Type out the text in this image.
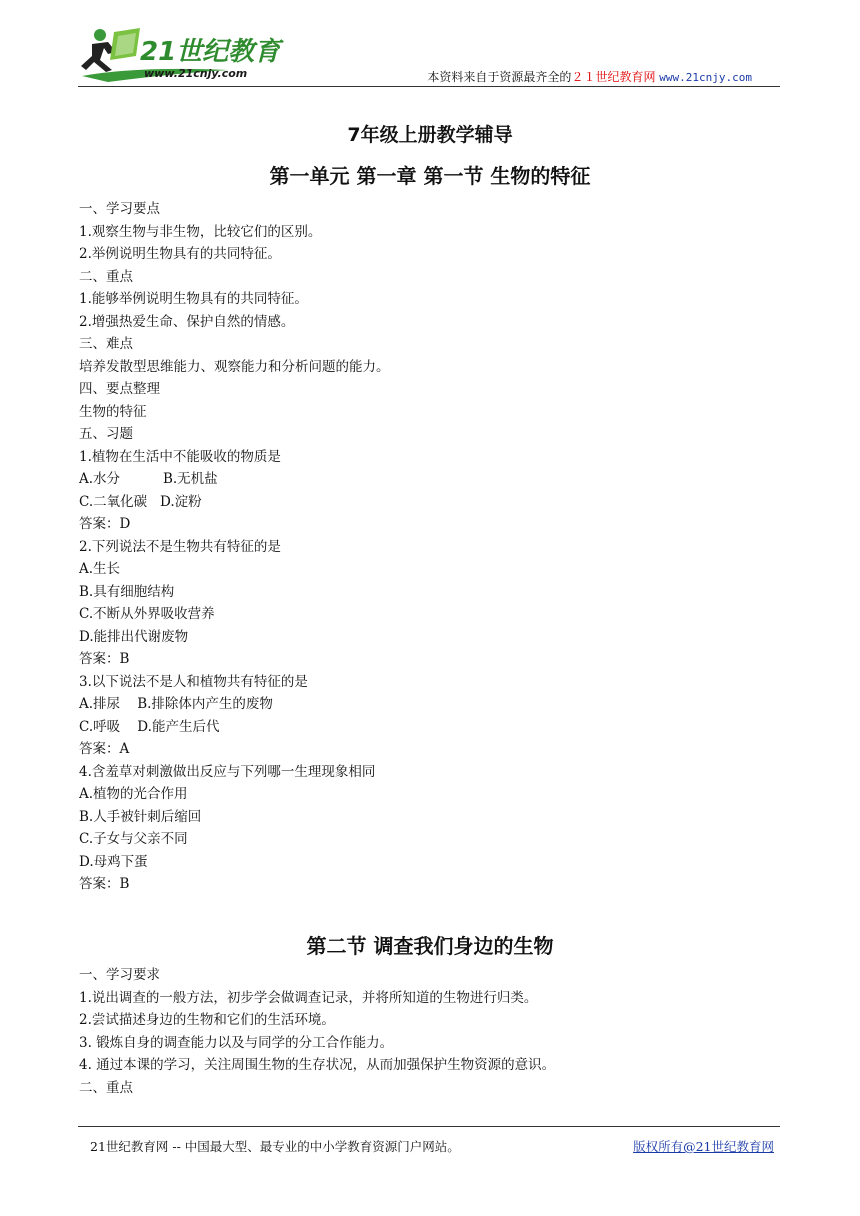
21世纪教育
www.21cnjy.com	本资料来自于资源最齐全的２１世纪教育网 www.21cnjy.com
7年级上册教学辅导
第一单元 第一章 第一节 生物的特征
一、学习要点
1.观察生物与非生物，比较它们的区别。
2.举例说明生物具有的共同特征。
二、重点
1.能够举例说明生物具有的共同特征。
2.增强热爱生命、保护自然的情感。
三、难点
培养发散型思维能力、观察能力和分析问题的能力。
四、要点整理
生物的特征
五、习题
1.植物在生活中不能吸收的物质是
A.水分          B.无机盐
C.二氧化碳   D.淀粉
答案：D
2.下列说法不是生物共有特征的是
A.生长
B.具有细胞结构
C.不断从外界吸收营养
D.能排出代谢废物
答案：B
3.以下说法不是人和植物共有特征的是
A.排尿    B.排除体内产生的废物
C.呼吸    D.能产生后代
答案：A
4.含羞草对刺激做出反应与下列哪一生理现象相同
A.植物的光合作用
B.人手被针刺后缩回
C.子女与父亲不同
D.母鸡下蛋
答案：B
第二节 调查我们身边的生物
一、学习要求
1.说出调查的一般方法，初步学会做调查记录，并将所知道的生物进行归类。
2.尝试描述身边的生物和它们的生活环境。
3. 锻炼自身的调查能力以及与同学的分工合作能力。
4. 通过本课的学习，关注周围生物的生存状况，从而加强保护生物资源的意识。
二、重点
21世纪教育网 -- 中国最大型、最专业的中小学教育资源门户网站。	版权所有@21世纪教育网
